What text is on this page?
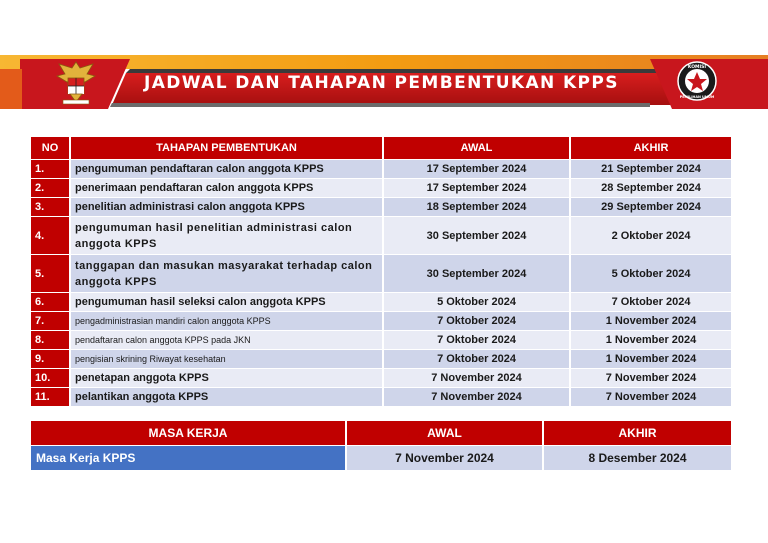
JADWAL DAN TAHAPAN PEMBENTUKAN KPPS
KOMISI
PEMILIHAN UMUM
NO	TAHAPAN PEMBENTUKAN	AWAL	AKHIR
1.	pengumuman pendaftaran calon anggota KPPS	17 September 2024	21 September 2024
2.	penerimaan pendaftaran calon anggota KPPS	17 September 2024	28 September 2024
3.	penelitian administrasi calon anggota KPPS	18 September 2024	29 September 2024
4.	pengumuman hasil penelitian administrasi calon anggota KPPS	30 September 2024	2 Oktober 2024
5.	tanggapan dan masukan masyarakat terhadap calon anggota KPPS	30 September 2024	5 Oktober 2024
6.	pengumuman hasil seleksi calon anggota KPPS	5 Oktober 2024	7 Oktober 2024
7.	pengadministrasian mandiri calon anggota KPPS	7 Oktober 2024	1 November 2024
8.	pendaftaran calon anggota KPPS pada JKN	7 Oktober 2024	1 November 2024
9.	pengisian skrining Riwayat kesehatan	7 Oktober 2024	1 November 2024
10.	penetapan anggota KPPS	7 November 2024	7 November 2024
11.	pelantikan anggota KPPS	7 November 2024	7 November 2024
MASA KERJA	AWAL	AKHIR
Masa Kerja KPPS	7 November 2024	8 Desember 2024
